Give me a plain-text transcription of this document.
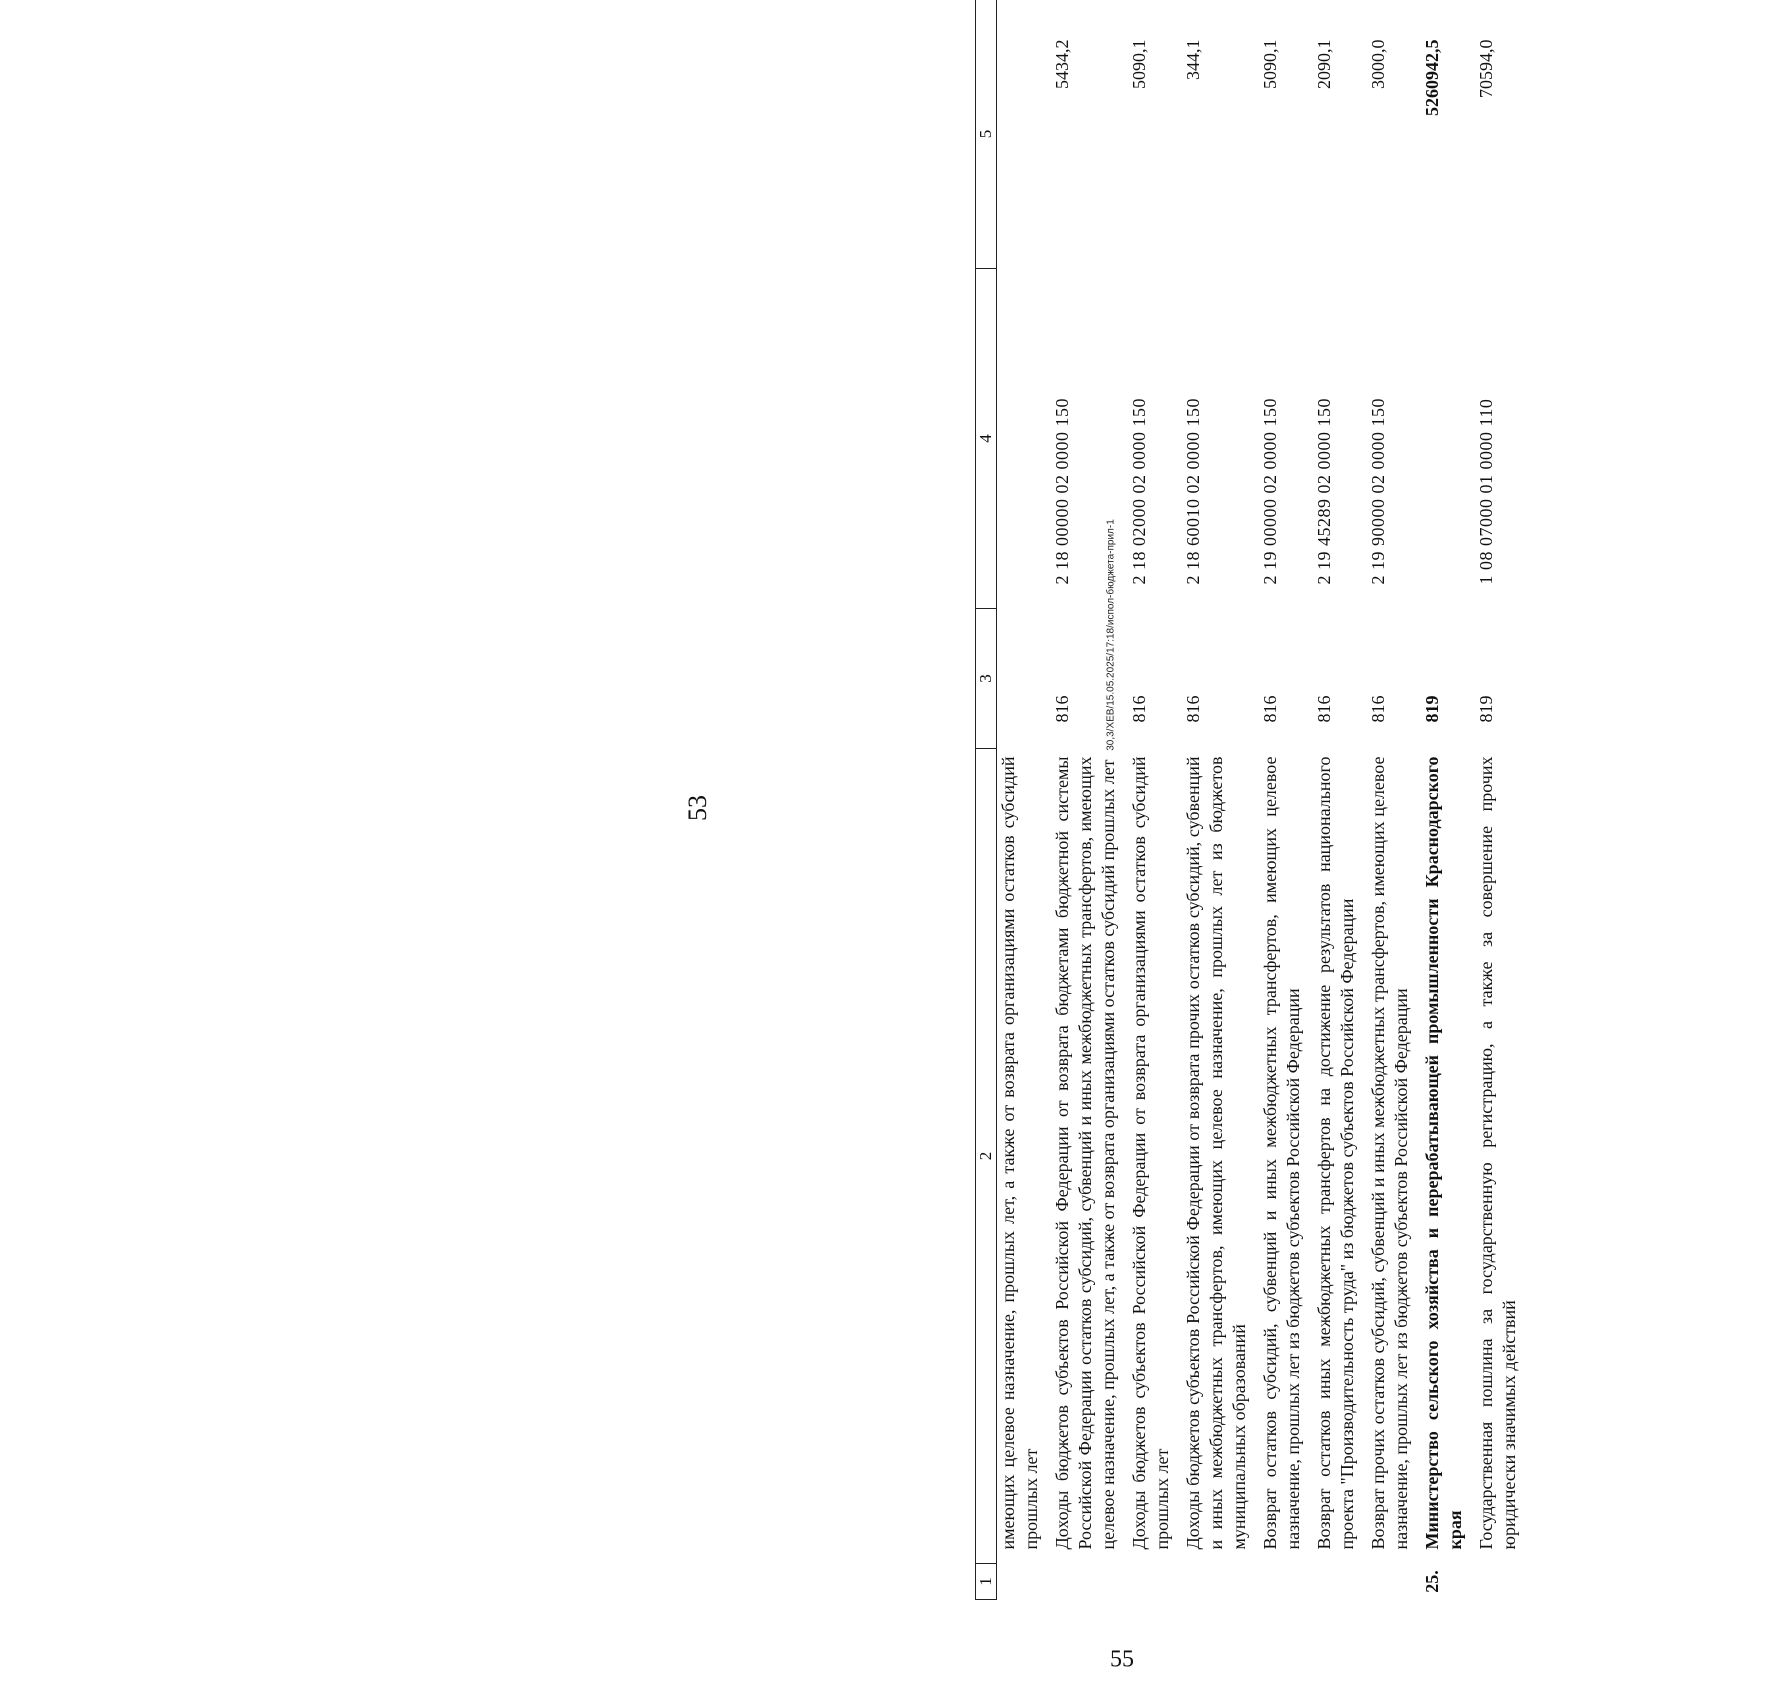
53
55
30,3/ХЕВ/15.05.2025/17:18/испол-бюджета-прил-1
1	2	3	4	5
	имеющих целевое назначение, прошлых лет, а также от возврата организациями остатков субсидий прошлых лет			
	Доходы бюджетов субъектов Российской Федерации от возврата бюджетами бюджетной системы Российской Федерации остатков субсидий, субвенций и иных межбюджетных трансфертов, имеющих целевое назначение, прошлых лет, а также от возврата организациями остатков субсидий прошлых лет	816	2 18 00000 02 0000 150	5434,2
	Доходы бюджетов субъектов Российской Федерации от возврата организациями остатков субсидий прошлых лет	816	2 18 02000 02 0000 150	5090,1
	Доходы бюджетов субъектов Российской Федерации от возврата прочих остатков субсидий, субвенций и иных межбюджетных трансфертов, имеющих целевое назначение, прошлых лет из бюджетов муниципальных образований	816	2 18 60010 02 0000 150	344,1
	Возврат остатков субсидий, субвенций и иных межбюджетных трансфертов, имеющих целевое назначение, прошлых лет из бюджетов субъектов Российской Федерации	816	2 19 00000 02 0000 150	5090,1
	Возврат остатков иных межбюджетных трансфертов на достижение результатов национального проекта "Производительность труда" из бюджетов субъектов Российской Федерации	816	2 19 45289 02 0000 150	2090,1
	Возврат прочих остатков субсидий, субвенций и иных межбюджетных трансфертов, имеющих целевое назначение, прошлых лет из бюджетов субъектов Российской Федерации	816	2 19 90000 02 0000 150	3000,0
25.	Министерство сельского хозяйства и перерабатывающей промышленности Краснодарского края	819		5260942,5
	Государственная пошлина за государственную регистрацию, а также за совершение прочих юридически значимых действий	819	1 08 07000 01 0000 110	70594,0
